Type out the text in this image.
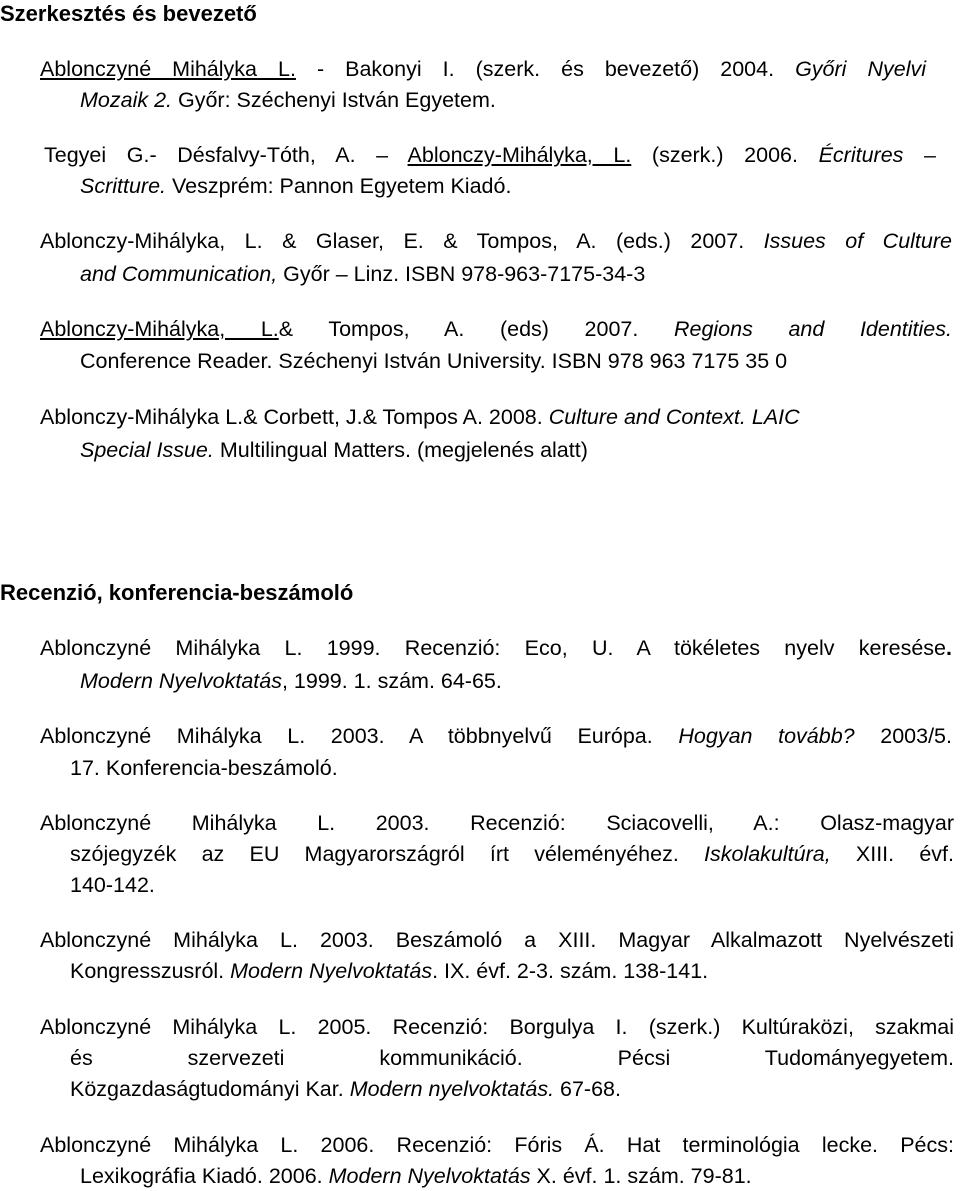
Szerkesztés és bevezető
Ablonczyné Mihályka L. - Bakonyi I. (szerk. és bevezető) 2004. Győri Nyelvi
Mozaik 2. Győr: Széchenyi István Egyetem.
Tegyei G.- Désfalvy-Tóth, A. – Ablonczy-Mihályka, L. (szerk.) 2006. Écritures –
Scritture. Veszprém: Pannon Egyetem Kiadó.
Ablonczy-Mihályka, L. & Glaser, E. & Tompos, A. (eds.) 2007. Issues of Culture
and Communication, Győr – Linz. ISBN 978-963-7175-34-3
Ablonczy-Mihályka, L.& Tompos, A. (eds) 2007. Regions and Identities.
Conference Reader. Széchenyi István University. ISBN 978 963 7175 35 0
Ablonczy-Mihályka L.& Corbett, J.& Tompos A. 2008. Culture and Context. LAIC
Special Issue. Multilingual Matters. (megjelenés alatt)
Recenzió, konferencia-beszámoló
Ablonczyné Mihályka L. 1999. Recenzió: Eco, U. A tökéletes nyelv keresése.
Modern Nyelvoktatás, 1999. 1. szám. 64-65.
Ablonczyné Mihályka L. 2003. A többnyelvű Európa. Hogyan tovább? 2003/5.
17. Konferencia-beszámoló.
Ablonczyné Mihályka L. 2003. Recenzió: Sciacovelli, A.: Olasz-magyar
szójegyzék az EU Magyarországról írt véleményéhez. Iskolakultúra, XIII. évf.
140-142.
Ablonczyné Mihályka L. 2003. Beszámoló a XIII. Magyar Alkalmazott Nyelvészeti
Kongresszusról. Modern Nyelvoktatás. IX. évf. 2-3. szám. 138-141.
Ablonczyné Mihályka L. 2005. Recenzió: Borgulya I. (szerk.) Kultúraközi, szakmai
és szervezeti kommunikáció. Pécsi Tudományegyetem.
Közgazdaságtudományi Kar. Modern nyelvoktatás. 67-68.
Ablonczyné Mihályka L. 2006. Recenzió: Fóris Á. Hat terminológia lecke. Pécs:
Lexikográfia Kiadó. 2006. Modern Nyelvoktatás X. évf. 1. szám. 79-81.
